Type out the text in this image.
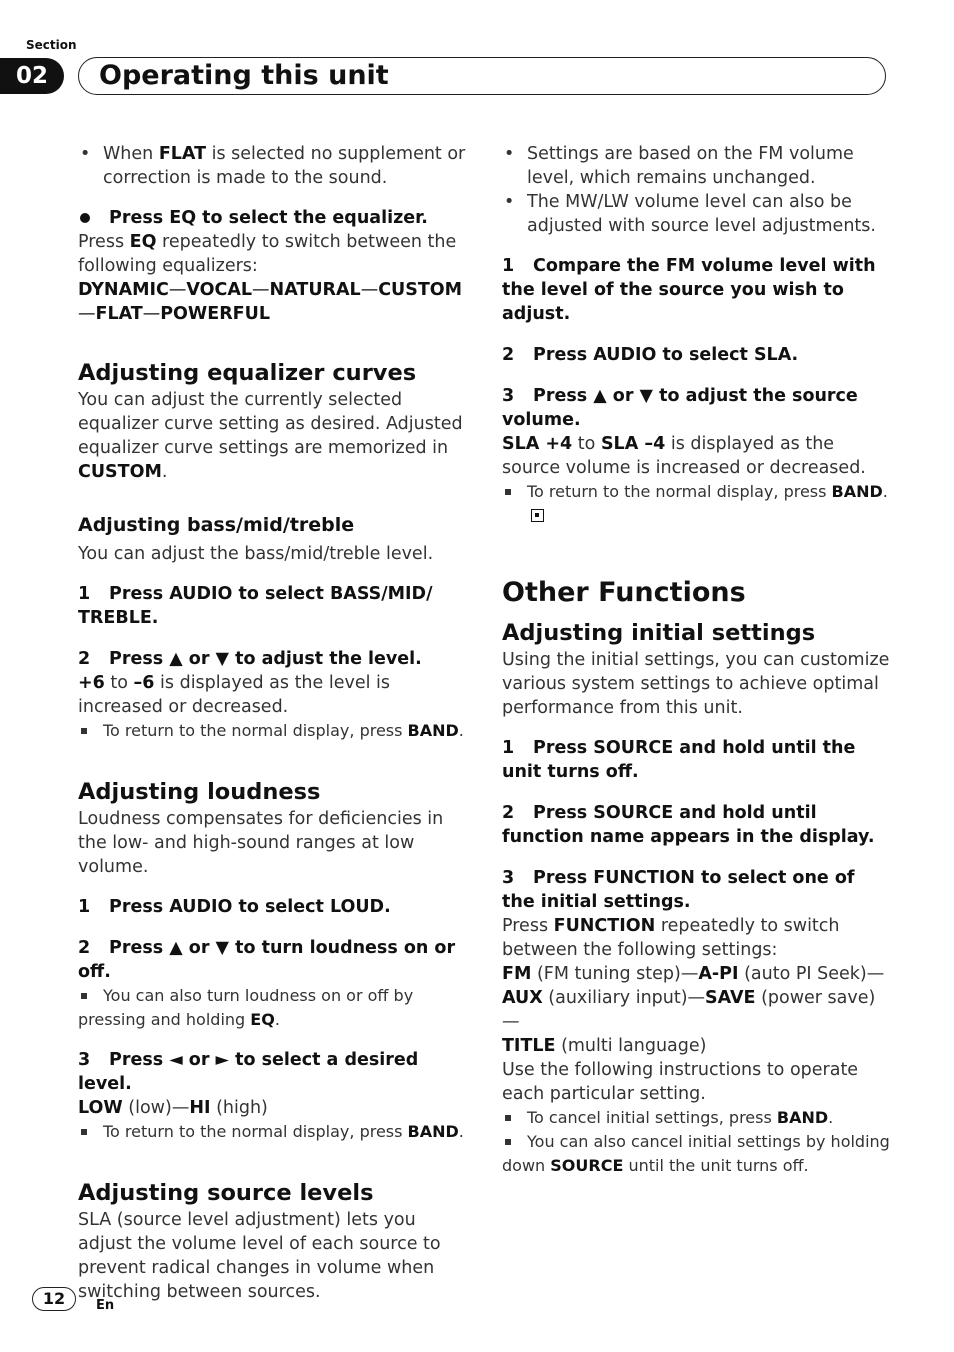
Section
02	Operating this unit
• When FLAT is selected no supplement or correction is made to the sound.
Press EQ to select the equalizer.

Press EQ repeatedly to switch between the following equalizers:

DYNAMIC—VOCAL—NATURAL—CUSTOM
—FLAT—POWERFUL

Adjusting equalizer curves

You can adjust the currently selected equalizer curve setting as desired. Adjusted equalizer curve settings are memorized in CUSTOM.

Adjusting bass/mid/treble

You can adjust the bass/mid/treble level.

1 Press AUDIO to select BASS/MID/ TREBLE.

2 Press ▲ or ▼ to adjust the level.

+6 to –6 is displayed as the level is increased or decreased.

To return to the normal display, press BAND.

Adjusting loudness

Loudness compensates for deficiencies in the low- and high-sound ranges at low volume.

1 Press AUDIO to select LOUD.

2 Press ▲ or ▼ to turn loudness on or off.

You can also turn loudness on or off by pressing and holding EQ.

3 Press ◄ or ► to select a desired level.

LOW (low)—HI (high)

To return to the normal display, press BAND.

Adjusting source levels

SLA (source level adjustment) lets you adjust the volume level of each source to prevent radical changes in volume when switching between sources.

• Settings are based on the FM volume level, which remains unchanged.
• The MW/LW volume level can also be adjusted with source level adjustments.

1 Compare the FM volume level with the level of the source you wish to adjust.

2 Press AUDIO to select SLA.

3 Press ▲ or ▼ to adjust the source volume.

SLA +4 to SLA –4 is displayed as the source volume is increased or decreased.

To return to the normal display, press BAND.

Other Functions

Adjusting initial settings

Using the initial settings, you can customize various system settings to achieve optimal performance from this unit.

1 Press SOURCE and hold until the unit turns off.

2 Press SOURCE and hold until function name appears in the display.

3 Press FUNCTION to select one of the initial settings.

Press FUNCTION repeatedly to switch between the following settings:

FM (FM tuning step)—A-PI (auto PI Seek)—
AUX (auxiliary input)—SAVE (power save)—
TITLE (multi language)

Use the following instructions to operate each particular setting.

To cancel initial settings, press BAND.
You can also cancel initial settings by holding down SOURCE until the unit turns off.
12	En
